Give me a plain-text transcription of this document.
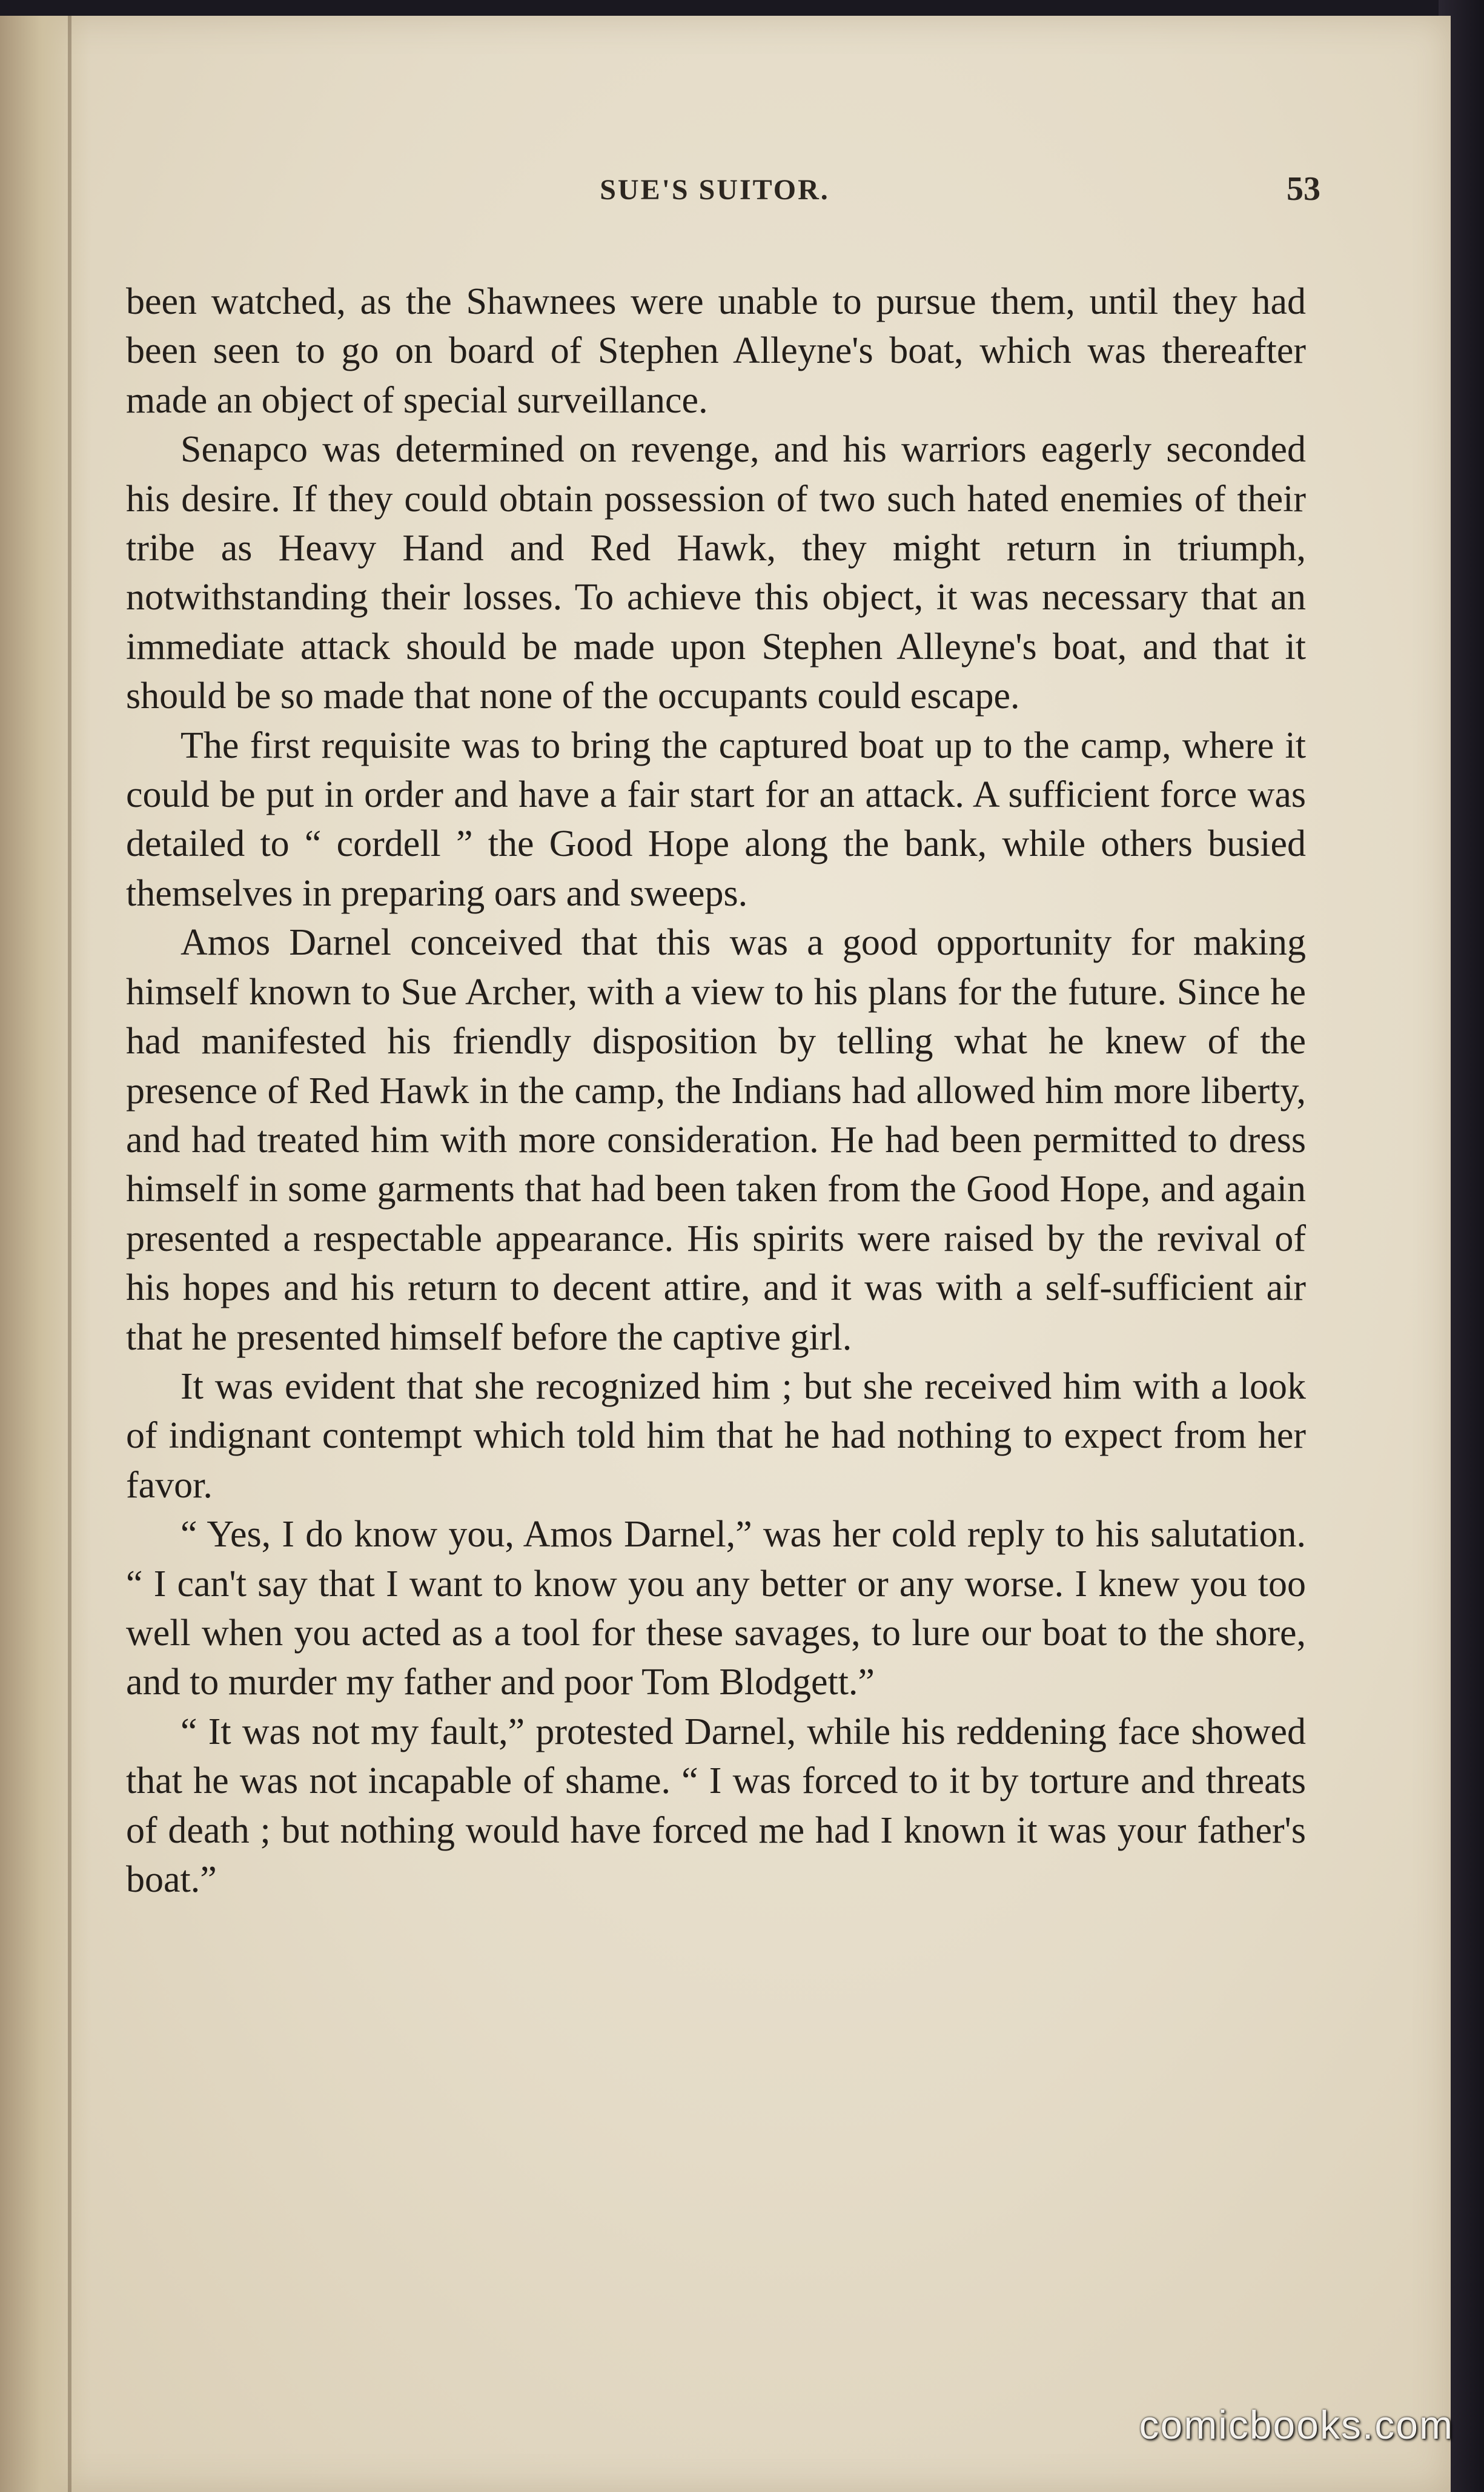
SUE'S SUITOR.	53

been watched, as the Shawnees were unable to pursue them, until they had been seen to go on board of Stephen Alleyne's boat, which was thereafter made an object of special surveillance.

Senapco was determined on revenge, and his warriors eagerly seconded his desire. If they could obtain possession of two such hated enemies of their tribe as Heavy Hand and Red Hawk, they might return in triumph, notwithstanding their losses. To achieve this object, it was necessary that an immediate attack should be made upon Stephen Alleyne's boat, and that it should be so made that none of the occupants could escape.

The first requisite was to bring the captured boat up to the camp, where it could be put in order and have a fair start for an attack. A sufficient force was detailed to “ cordell ” the Good Hope along the bank, while others busied themselves in preparing oars and sweeps.

Amos Darnel conceived that this was a good opportunity for making himself known to Sue Archer, with a view to his plans for the future. Since he had manifested his friendly disposition by telling what he knew of the presence of Red Hawk in the camp, the Indians had allowed him more liberty, and had treated him with more consideration. He had been permitted to dress himself in some garments that had been taken from the Good Hope, and again presented a respectable appearance. His spirits were raised by the revival of his hopes and his return to decent attire, and it was with a self-sufficient air that he presented himself before the captive girl.

It was evident that she recognized him ; but she received him with a look of indignant contempt which told him that he had nothing to expect from her favor.

“ Yes, I do know you, Amos Darnel,” was her cold reply to his salutation. “ I can't say that I want to know you any better or any worse. I knew you too well when you acted as a tool for these savages, to lure our boat to the shore, and to murder my father and poor Tom Blodgett.”

“ It was not my fault,” protested Darnel, while his reddening face showed that he was not incapable of shame. “ I was forced to it by torture and threats of death ; but nothing would have forced me had I known it was your father's boat.”

comicbooks.com
